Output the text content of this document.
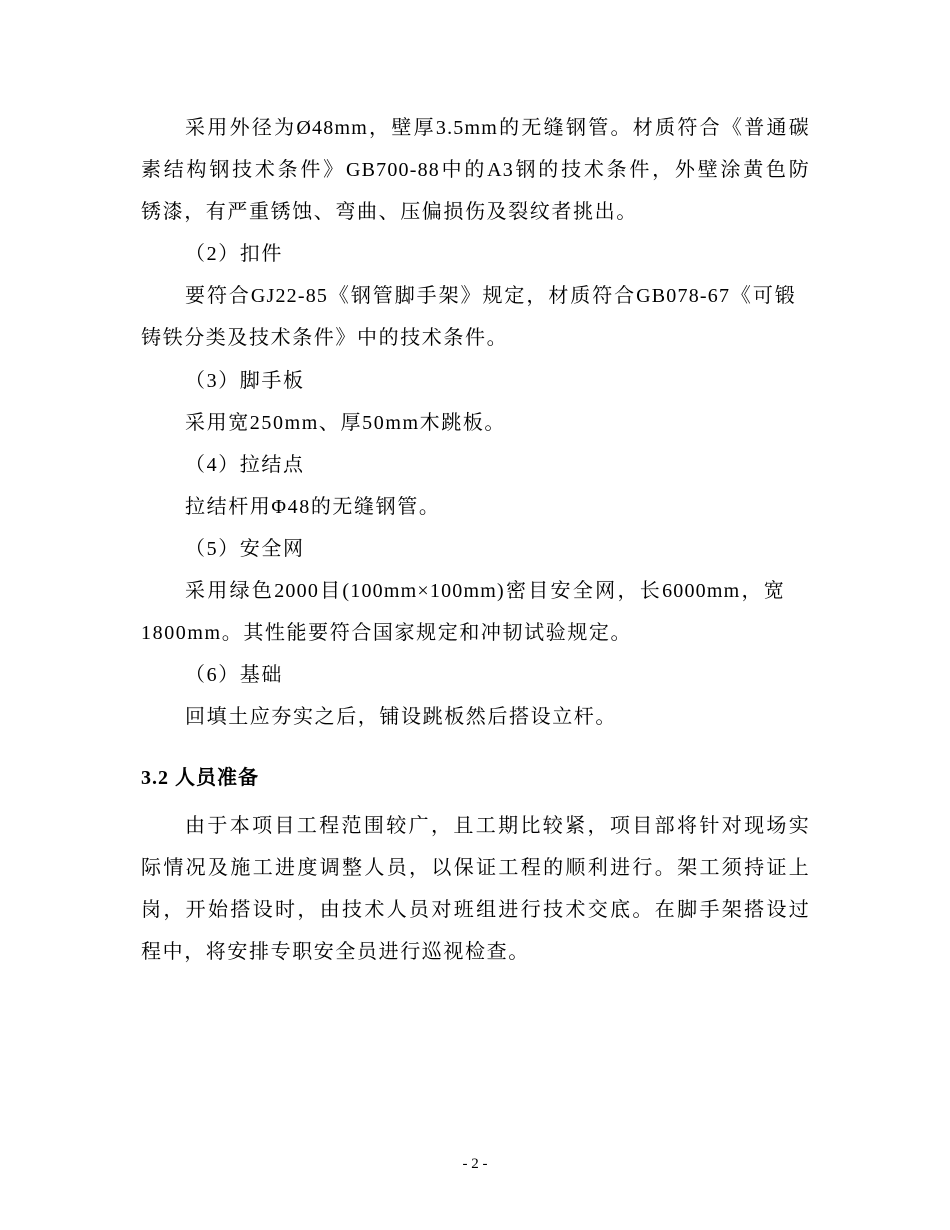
采用外径为Ø48mm，壁厚3.5mm的无缝钢管。材质符合《普通碳
素结构钢技术条件》GB700-88中的A3钢的技术条件，外壁涂黄色防
锈漆，有严重锈蚀、弯曲、压偏损伤及裂纹者挑出。
（2）扣件
要符合GJ22-85《钢管脚手架》规定，材质符合GB078-67《可锻
铸铁分类及技术条件》中的技术条件。
（3）脚手板
采用宽250mm、厚50mm木跳板。
（4）拉结点
拉结杆用Φ48的无缝钢管。
（5）安全网
采用绿色2000目(100mm×100mm)密目安全网，长6000mm，宽
1800mm。其性能要符合国家规定和冲韧试验规定。
（6）基础
回填土应夯实之后，铺设跳板然后搭设立杆。
3.2 人员准备
由于本项目工程范围较广，且工期比较紧，项目部将针对现场实
际情况及施工进度调整人员，以保证工程的顺利进行。架工须持证上
岗，开始搭设时，由技术人员对班组进行技术交底。在脚手架搭设过
程中，将安排专职安全员进行巡视检查。
- 2 -
